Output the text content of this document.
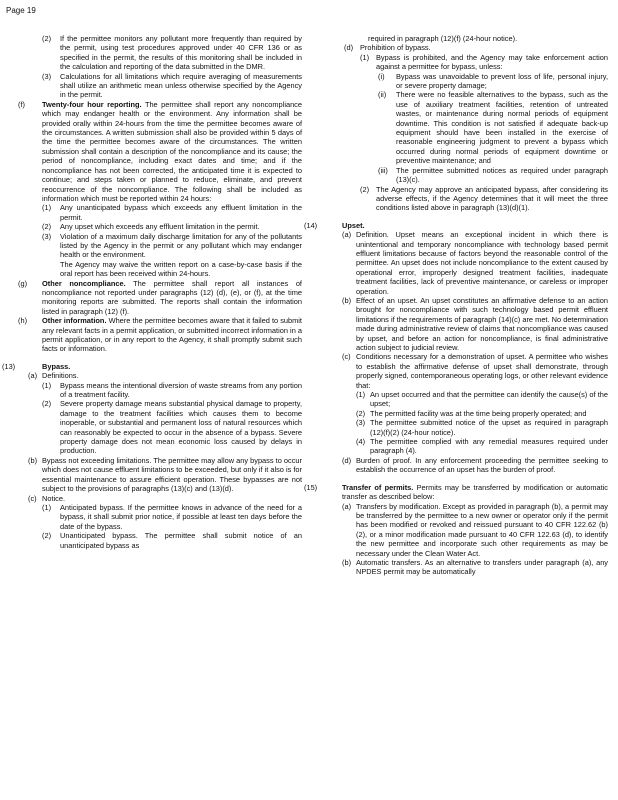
Page 19
(2)	If the permittee monitors any pollutant more frequently than required by the permit, using test procedures approved under 40 CFR 136 or as specified in the permit, the results of this monitoring shall be included in the calculation and reporting of the data submitted in the DMR.
(3)	Calculations for all limitations which require averaging of measurements shall utilize an arithmetic mean unless otherwise specified by the Agency in the permit.
(f)	Twenty-four hour reporting. The permittee shall report any noncompliance which may endanger health or the environment. Any information shall be provided orally within 24-hours from the time the permittee becomes aware of the circumstances. A written submission shall also be provided within 5 days of the time the permittee becomes aware of the circumstances. The written submission shall contain a description of the noncompliance and its cause; the period of noncompliance, including exact dates and time; and if the noncompliance has not been corrected, the anticipated time it is expected to continue; and steps taken or planned to reduce, eliminate, and prevent reoccurrence of the noncompliance. The following shall be included as information which must be reported within 24 hours:
(1)	Any unanticipated bypass which exceeds any effluent limitation in the permit.
(2)	Any upset which exceeds any effluent limitation in the permit.
(3)	Violation of a maximum daily discharge limitation for any of the pollutants listed by the Agency in the permit or any pollutant which may endanger health or the environment.
The Agency may waive the written report on a case-by-case basis if the oral report has been received within 24-hours.
(g)	Other noncompliance. The permittee shall report all instances of noncompliance not reported under paragraphs (12) (d), (e), or (f), at the time monitoring reports are submitted. The reports shall contain the information listed in paragraph (12) (f).
(h)	Other information. Where the permittee becomes aware that it failed to submit any relevant facts in a permit application, or submitted incorrect information in a permit application, or in any report to the Agency, it shall promptly submit such facts or information.
(13)	Bypass.
(a) Definitions.
(1)	Bypass means the intentional diversion of waste streams from any portion of a treatment facility.
(2)	Severe property damage means substantial physical damage to property, damage to the treatment facilities which causes them to become inoperable, or substantial and permanent loss of natural resources which can reasonably be expected to occur in the absence of a bypass. Severe property damage does not mean economic loss caused by delays in production.
(b) Bypass not exceeding limitations. The permittee may allow any bypass to occur which does not cause effluent limitations to be exceeded, but only if it also is for essential maintenance to assure efficient operation. These bypasses are not subject to the provisions of paragraphs (13)(c) and (13)(d).
(c) Notice.
(1)	Anticipated bypass. If the permittee knows in advance of the need for a bypass, it shall submit prior notice, if possible at least ten days before the date of the bypass.
(2)	Unanticipated bypass. The permittee shall submit notice of an unanticipated bypass as
required in paragraph (12)(f) (24-hour notice).
(d) Prohibition of bypass.
(1) Bypass is prohibited, and the Agency may take enforcement action against a permittee for bypass, unless:
(i)	Bypass was unavoidable to prevent loss of life, personal injury, or severe property damage;
(ii)	There were no feasible alternatives to the bypass, such as the use of auxiliary treatment facilities, retention of untreated wastes, or maintenance during normal periods of equipment downtime. This condition is not satisfied if adequate back-up equipment should have been installed in the exercise of reasonable engineering judgment to prevent a bypass which occurred during normal periods of equipment downtime or preventive maintenance; and
(iii)	The permittee submitted notices as required under paragraph (13)(c).
(2) The Agency may approve an anticipated bypass, after considering its adverse effects, if the Agency determines that it will meet the three conditions listed above in paragraph (13)(d)(1).
(14)	Upset.
(a) Definition. Upset means an exceptional incident in which there is unintentional and temporary noncompliance with technology based permit effluent limitations because of factors beyond the reasonable control of the permittee. An upset does not include noncompliance to the extent caused by operational error, improperly designed treatment facilities, inadequate treatment facilities, lack of preventive maintenance, or careless or improper operation.
(b) Effect of an upset. An upset constitutes an affirmative defense to an action brought for noncompliance with such technology based permit effluent limitations if the requirements of paragraph (14)(c) are met. No determination made during administrative review of claims that noncompliance was caused by upset, and before an action for noncompliance, is final administrative action subject to judicial review.
(c) Conditions necessary for a demonstration of upset. A permittee who wishes to establish the affirmative defense of upset shall demonstrate, through properly signed, contemporaneous operating logs, or other relevant evidence that:
(1) An upset occurred and that the permittee can identify the cause(s) of the upset;
(2) The permitted facility was at the time being properly operated; and
(3) The permittee submitted notice of the upset as required in paragraph (12)(f)(2) (24-hour notice).
(4) The permittee complied with any remedial measures required under paragraph (4).
(d) Burden of proof. In any enforcement proceeding the permittee seeking to establish the occurrence of an upset has the burden of proof.
(15)	Transfer of permits. Permits may be transferred by modification or automatic transfer as described below:
(a) Transfers by modification. Except as provided in paragraph (b), a permit may be transferred by the permittee to a new owner or operator only if the permit has been modified or revoked and reissued pursuant to 40 CFR 122.62 (b) (2), or a minor modification made pursuant to 40 CFR 122.63 (d), to identify the new permittee and incorporate such other requirements as may be necessary under the Clean Water Act.
(b) Automatic transfers. As an alternative to transfers under paragraph (a), any NPDES permit may be automatically
